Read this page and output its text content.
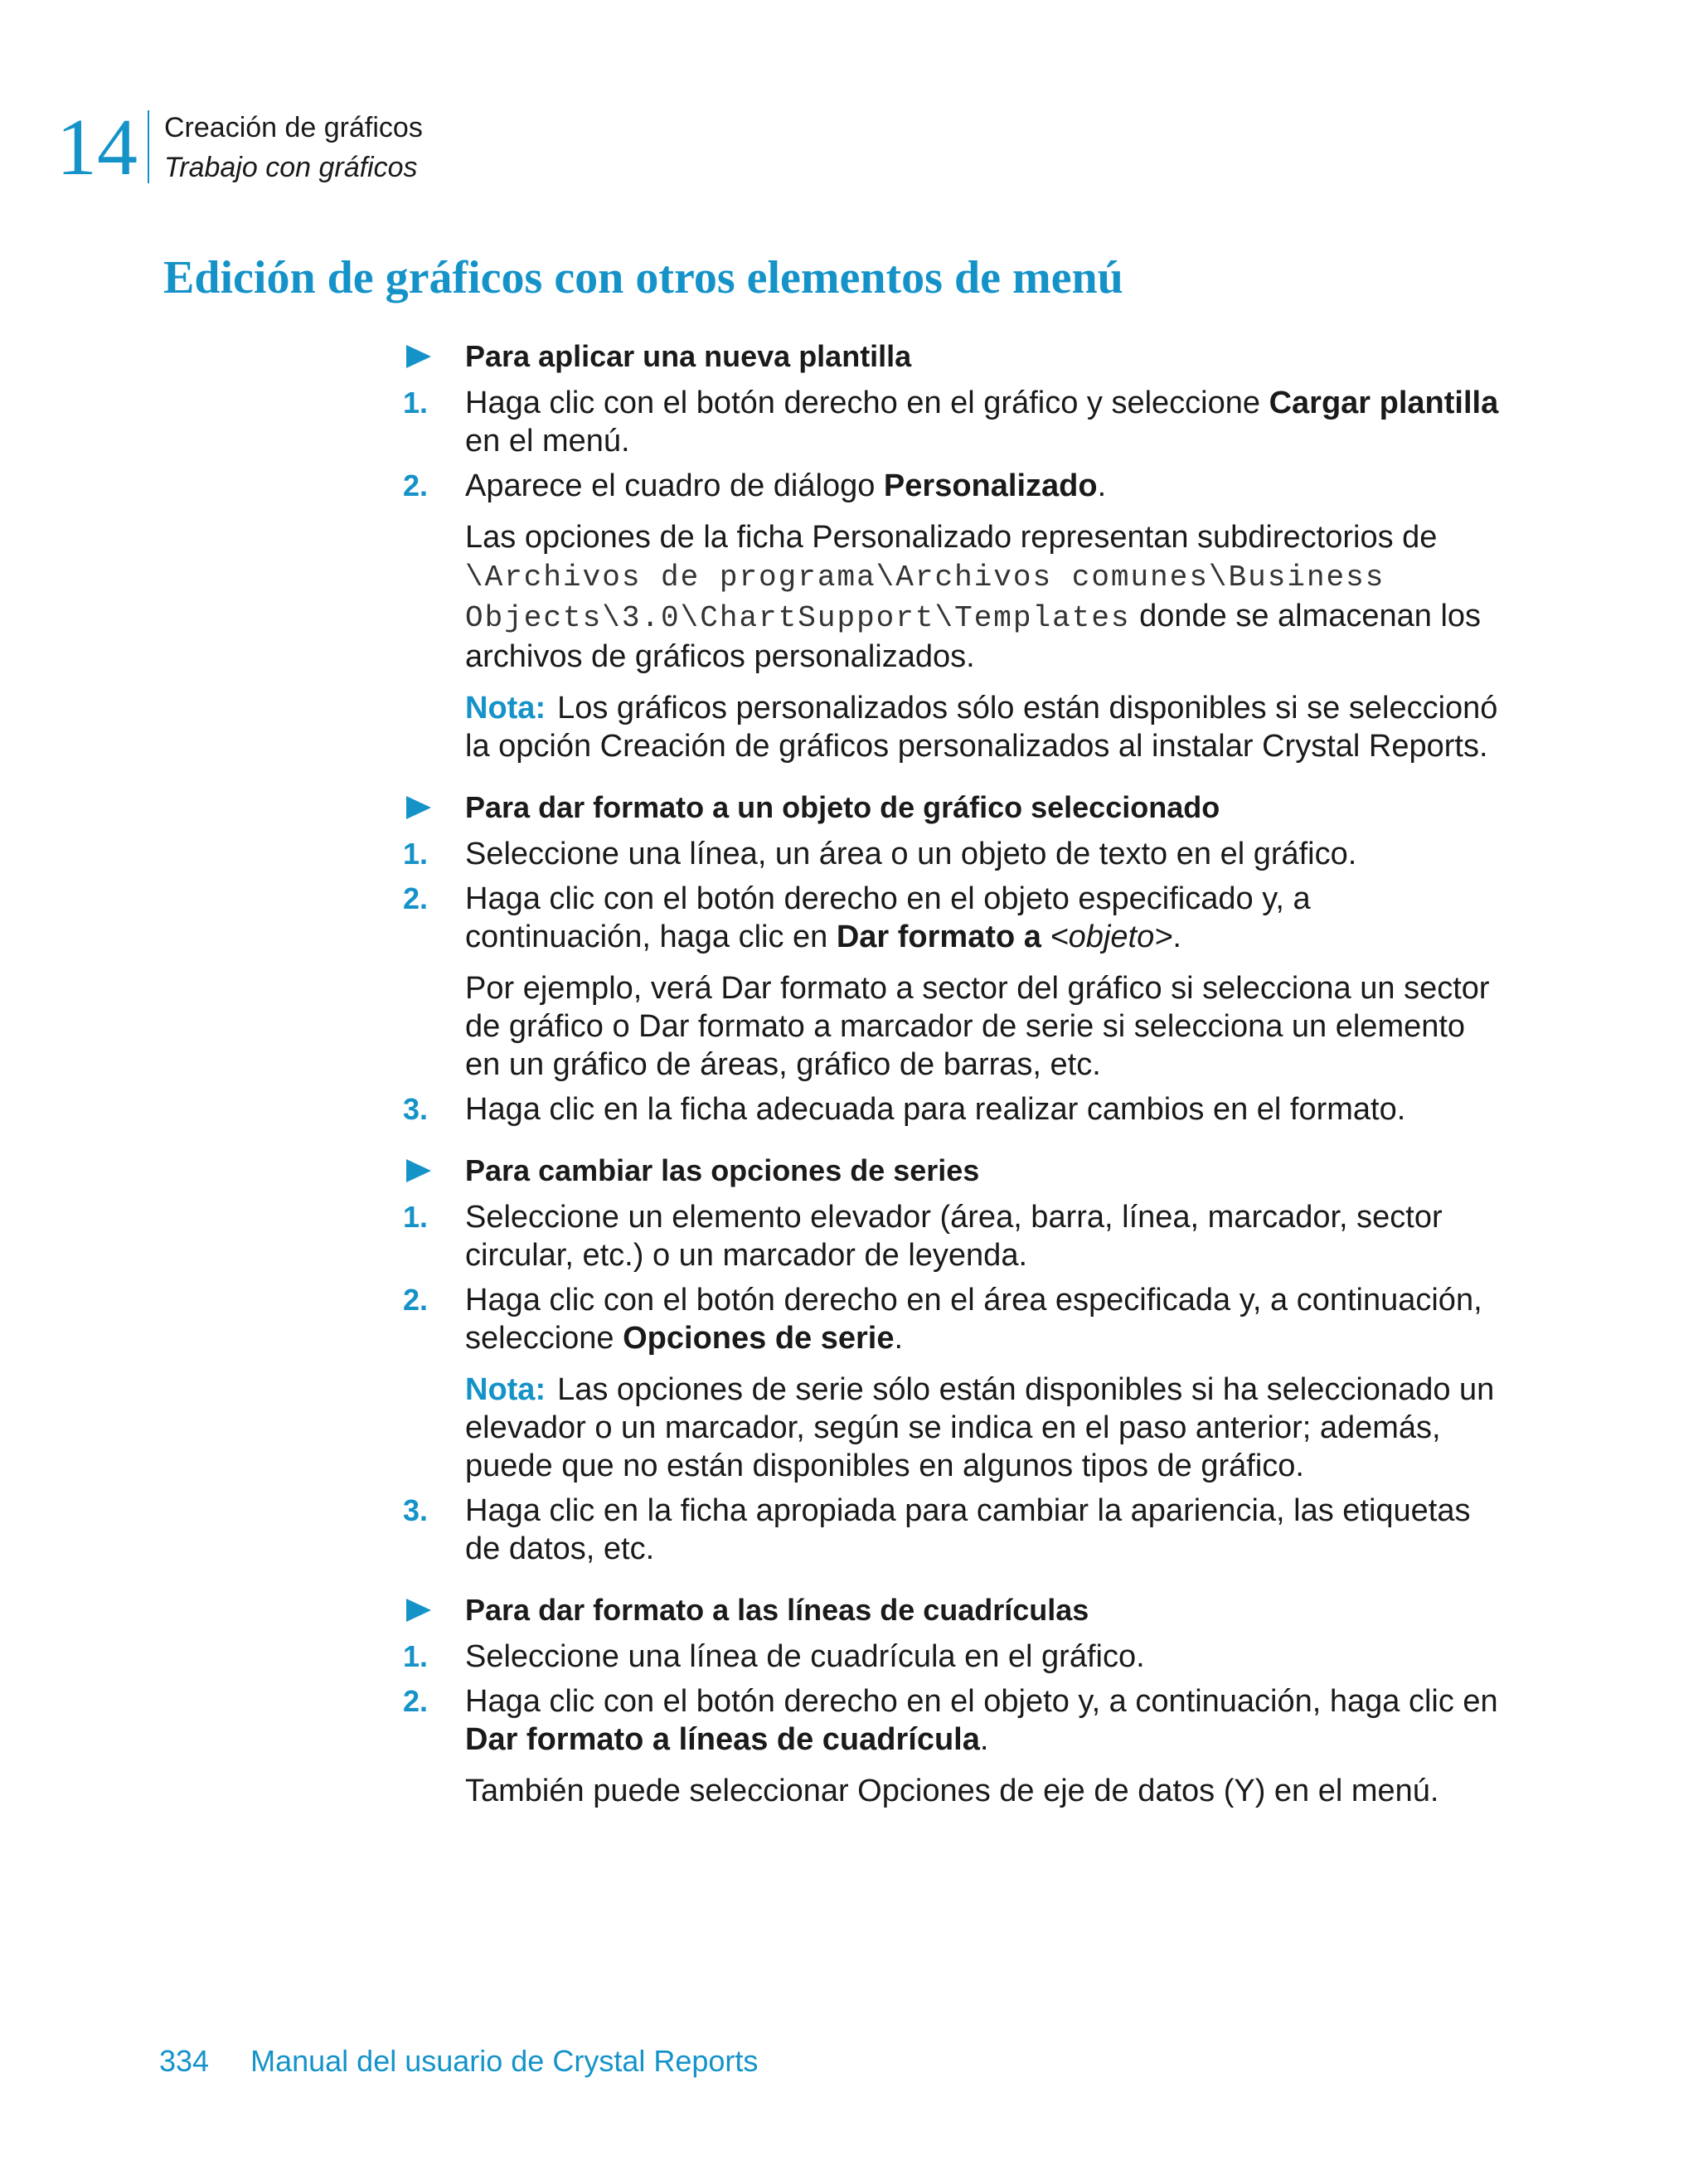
14 Creación de gráficos
Trabajo con gráficos
Edición de gráficos con otros elementos de menú
Para aplicar una nueva plantilla
1. Haga clic con el botón derecho en el gráfico y seleccione Cargar plantilla en el menú.
2. Aparece el cuadro de diálogo Personalizado.
Las opciones de la ficha Personalizado representan subdirectorios de \Archivos de programa\Archivos comunes\Business Objects\3.0\ChartSupport\Templates donde se almacenan los archivos de gráficos personalizados.
Nota: Los gráficos personalizados sólo están disponibles si se seleccionó la opción Creación de gráficos personalizados al instalar Crystal Reports.
Para dar formato a un objeto de gráfico seleccionado
1. Seleccione una línea, un área o un objeto de texto en el gráfico.
2. Haga clic con el botón derecho en el objeto especificado y, a continuación, haga clic en Dar formato a <objeto>.
Por ejemplo, verá Dar formato a sector del gráfico si selecciona un sector de gráfico o Dar formato a marcador de serie si selecciona un elemento en un gráfico de áreas, gráfico de barras, etc.
3. Haga clic en la ficha adecuada para realizar cambios en el formato.
Para cambiar las opciones de series
1. Seleccione un elemento elevador (área, barra, línea, marcador, sector circular, etc.) o un marcador de leyenda.
2. Haga clic con el botón derecho en el área especificada y, a continuación, seleccione Opciones de serie.
Nota: Las opciones de serie sólo están disponibles si ha seleccionado un elevador o un marcador, según se indica en el paso anterior; además, puede que no están disponibles en algunos tipos de gráfico.
3. Haga clic en la ficha apropiada para cambiar la apariencia, las etiquetas de datos, etc.
Para dar formato a las líneas de cuadrículas
1. Seleccione una línea de cuadrícula en el gráfico.
2. Haga clic con el botón derecho en el objeto y, a continuación, haga clic en Dar formato a líneas de cuadrícula.
También puede seleccionar Opciones de eje de datos (Y) en el menú.
334 Manual del usuario de Crystal Reports
